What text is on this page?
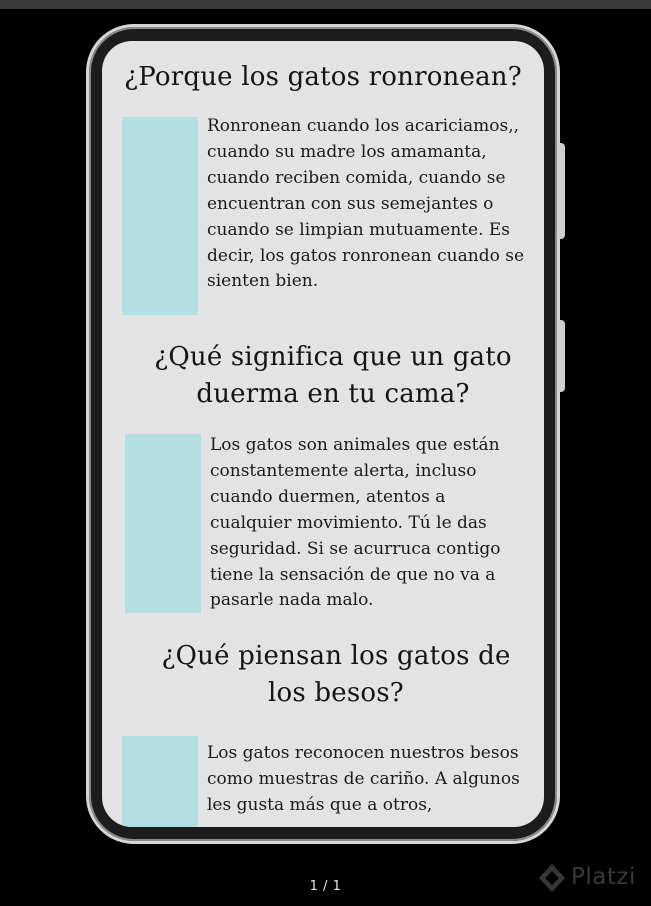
¿Porque los gatos ronronean?

Ronronean cuando los acariciamos,, cuando su madre los amamanta, cuando reciben comida, cuando se encuentran con sus semejantes o cuando se limpian mutuamente. Es decir, los gatos ronronean cuando se sienten bien.

¿Qué significa que un gato duerma en tu cama?

Los gatos son animales que están constantemente alerta, incluso cuando duermen, atentos a cualquier movimiento. Tú le das seguridad. Si se acurruca contigo tiene la sensación de que no va a pasarle nada malo.

¿Qué piensan los gatos de los besos?

Los gatos reconocen nuestros besos como muestras de cariño. A algunos les gusta más que a otros,

1 / 1	Platzi
